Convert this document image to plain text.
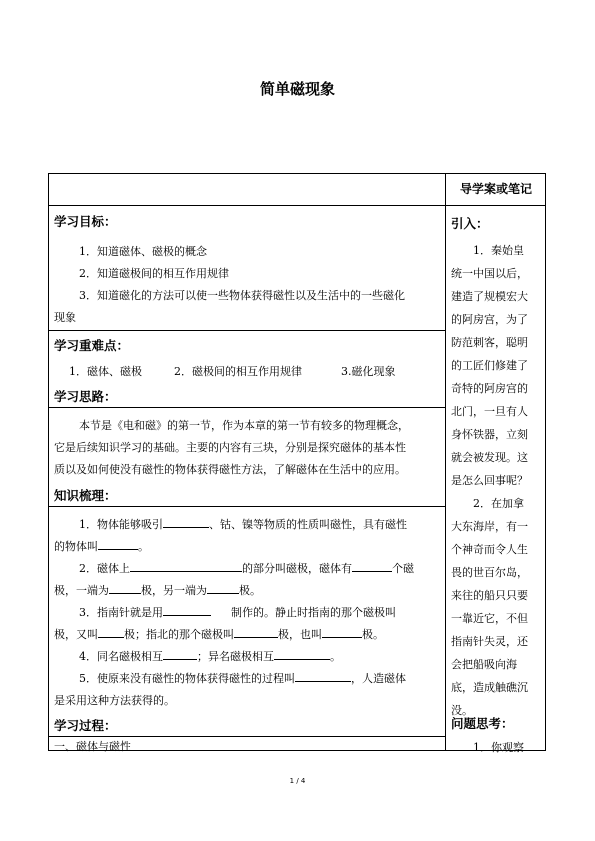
简单磁现象
导学案或笔记
学习目标：
1．知道磁体、磁极的概念
2．知道磁极间的相互作用规律
3．知道磁化的方法可以使一些物体获得磁性以及生活中的一些磁化
现象
学习重难点：
1．磁体、磁极	2．磁极间的相互作用规律	3.磁化现象
学习思路：
本节是《电和磁》的第一节，作为本章的第一节有较多的物理概念，
它是后续知识学习的基础。主要的内容有三块，分别是探究磁体的基本性
质以及如何使没有磁性的物体获得磁性方法，了解磁体在生活中的应用。
知识梳理：
1．物体能够吸引	、钴、镍等物质的性质叫磁性，具有磁性
的物体叫	。
2．磁体上	的部分叫磁极，磁体有	个磁
极，一端为	极，另一端为	极。
3．指南针就是用	制作的。静止时指南的那个磁极叫
极，又叫 极；指北的那个磁极叫	极，也叫	极。
4．同名磁极相互	；异名磁极相互	。
5．使原来没有磁性的物体获得磁性的过程叫	，人造磁体
是采用这种方法获得的。
学习过程：
一、磁体与磁性
引入：
1．秦始皇
统一中国以后，
建造了规模宏大
的阿房宫，为了
防范刺客，聪明
的工匠们修建了
奇特的阿房宫的
北门，一旦有人
身怀铁器，立刻
就会被发现。这
是怎么回事呢？
2．在加拿
大东海岸，有一
个神奇而令人生
畏的世百尔岛，
来往的船只只要
一靠近它，不但
指南针失灵，还
会把船吸向海
底，造成触礁沉
没。
问题思考：
1．你观察
1 / 4
